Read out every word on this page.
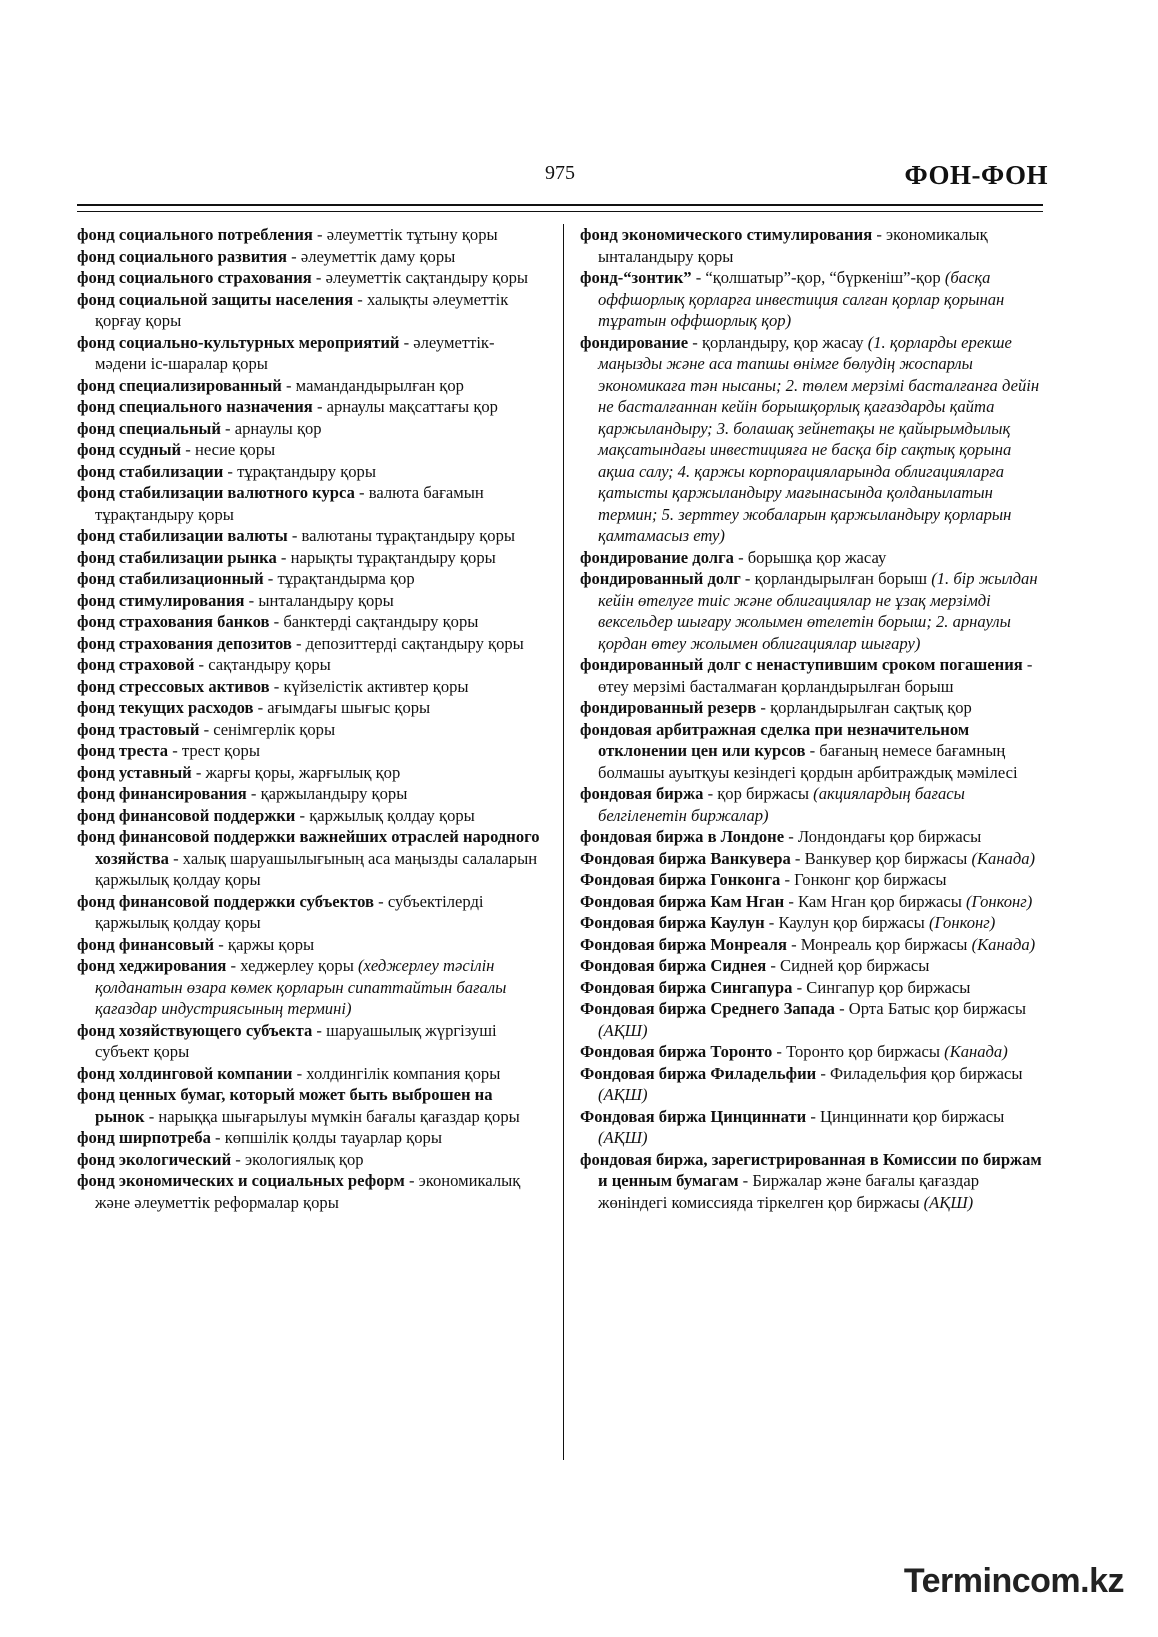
975	ФОН-ФОН

фонд социального потребления - әлеуметтік тұтыну қоры

фонд социального развития - әлеуметтік даму қоры

фонд социального страхования - әлеуметтік сақтандыру қоры

фонд социальной защиты населения - халықты әлеуметтік қорғау қоры

фонд социально-культурных мероприятий - әлеуметтік-мәдени іс-шаралар қоры

фонд специализированный - мамандандырылған қор

фонд специального назначения - арнаулы мақсаттағы қор

фонд специальный - арнаулы қор

фонд ссудный - несие қоры

фонд стабилизации - тұрақтандыру қоры

фонд стабилизации валютного курса - валюта бағамын тұрақтандыру қоры

фонд стабилизации валюты - валютаны тұрақтандыру қоры

фонд стабилизации рынка - нарықты тұрақтандыру қоры

фонд стабилизационный - тұрақтандырма қор

фонд стимулирования - ынталандыру қоры

фонд страхования банков - банктерді сақтандыру қоры

фонд страхования депозитов - депозиттерді сақтандыру қоры

фонд страховой - сақтандыру қоры

фонд стрессовых активов - күйзелістік активтер қоры

фонд текущих расходов - ағымдағы шығыс қоры

фонд трастовый - сенімгерлік қоры

фонд треста - трест қоры

фонд уставный - жарғы қоры, жарғылық қор

фонд финансирования - қаржыландыру қоры

фонд финансовой поддержки - қаржылық қолдау қоры

фонд финансовой поддержки важнейших отраслей народного хозяйства - халық шаруашылығының аса маңызды салаларын қаржылық қолдау қоры

фонд финансовой поддержки субъектов - субъектілерді қаржылық қолдау қоры

фонд финансовый - қаржы қоры

фонд хеджирования - хеджерлеу қоры (хеджерлеу тәсілін қолданатын өзара көмек қорларын сипаттайтын бағалы қағаздар индустриясының термині)

фонд хозяйствующего субъекта - шаруашылық жүргізуші субъект қоры

фонд холдинговой компании - холдингілік компания қоры

фонд ценных бумаг, который может быть выброшен на рынок - нарыққа шығарылуы мүмкін бағалы қағаздар қоры

фонд ширпотреба - көпшілік қолды тауарлар қоры

фонд экологический - экологиялық қор

фонд экономических и социальных реформ - экономикалық және әлеуметтік реформалар қоры

фонд экономического стимулирования - экономикалық ынталандыру қоры

фонд-“зонтик” - “қолшатыр”-қор, “бүркеніш”-қор (басқа оффшорлық қорларға инвестиция салған қорлар қорынан тұратын оффшорлық қор)

фондирование - қорландыру, қор жасау (1. қорларды ерекше маңызды және аса тапшы өнімге бөлудің жоспарлы экономикаға тән нысаны; 2. төлем мерзімі басталғанға дейін не басталғаннан кейін борышқорлық қағаздарды қайта қаржыландыру; 3. болашақ зейнетақы не қайырымдылық мақсатындағы инвестицияға не басқа бір сақтық қорына ақша салу; 4. қаржы корпорацияларында облигацияларға қатысты қаржыландыру мағынасында қолданылатын термин; 5. зерттеу жобаларын қаржыландыру қорларын қамтамасыз ету)

фондирование долга - борышқа қор жасау

фондированный долг - қорландырылған борыш (1. бір жылдан кейін өтелуге тиіс және облигациялар не ұзақ мерзімді вексельдер шығару жолымен өтелетін борыш; 2. арнаулы қордан өтеу жолымен облигациялар шығару)

фондированный долг с ненаступившим сроком погашения - өтеу мерзімі басталмаған қорландырылған борыш

фондированный резерв - қорландырылған сақтық қор

фондовая арбитражная сделка при незначительном отклонении цен или курсов - бағаның немесе бағамның болмашы ауытқуы кезіндегі қордын арбитраждық мәмілесі

фондовая биржа - қор биржасы (акциялардың бағасы белгіленетін биржалар)

фондовая биржа в Лондоне - Лондондағы қор биржасы

Фондовая биржа Ванкувера - Ванкувер қор биржасы (Канада)

Фондовая биржа Гонконга - Гонконг қор биржасы

Фондовая биржа Кам Нган - Кам Нган қор биржасы (Гонконг)

Фондовая биржа Каулун - Каулун қор биржасы (Гонконг)

Фондовая биржа Монреаля - Монреаль қор биржасы (Канада)

Фондовая биржа Сиднея - Сидней қор биржасы

Фондовая биржа Сингапура - Сингапур қор биржасы

Фондовая биржа Среднего Запада - Орта Батыс қор биржасы (АҚШ)

Фондовая биржа Торонто - Торонто қор биржасы (Канада)

Фондовая биржа Филадельфии - Филадельфия қор биржасы (АҚШ)

Фондовая биржа Цинциннати - Цинциннати қор биржасы (АҚШ)

фондовая биржа, зарегистрированная в Комиссии по биржам и ценным бумагам - Биржалар және бағалы қағаздар жөніндегі комиссияда тіркелген қор биржасы (АҚШ)

Termincom.kz
